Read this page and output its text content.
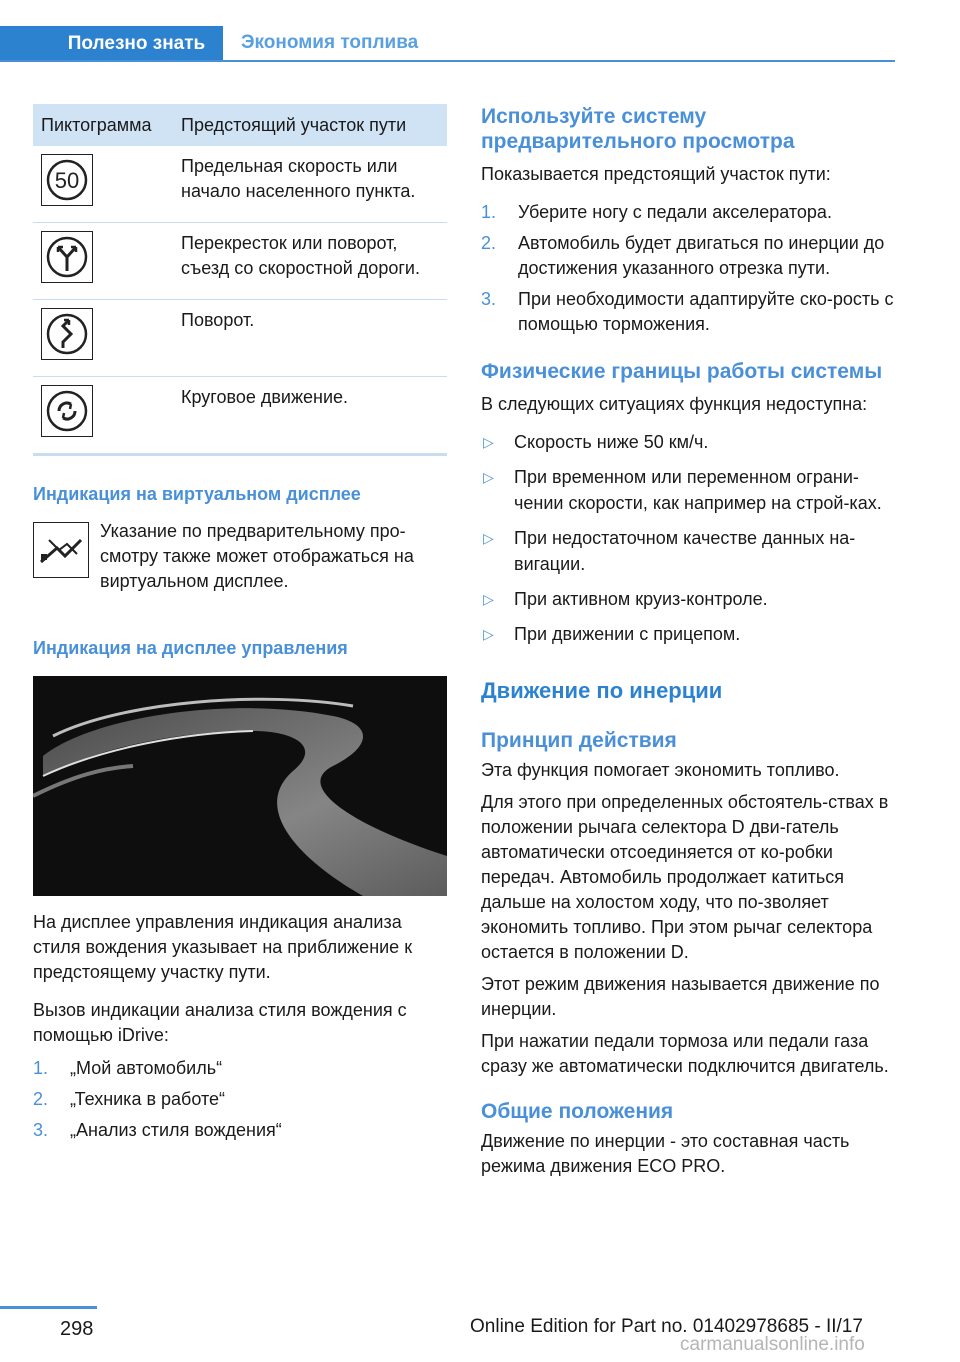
Полезно знать Экономия топлива
Пиктограмма	Предстоящий участок пути

50	Предельная скорость или начало населенного пункта.

	Перекресток или поворот, съезд со скоростной дороги.

	Поворот.

	Круговое движение.

Индикация на виртуальном дисплее

Указание по предварительному про-смотру также может отображаться на виртуальном дисплее.

Индикация на дисплее управления

На дисплее управления индикация анализа стиля вождения указывает на приближение к предстоящему участку пути.

Вызов индикации анализа стиля вождения с помощью iDrive:

1. „Мой автомобиль“
2. „Техника в работе“
3. „Анализ стиля вождения“

Используйте систему предварительного просмотра

Показывается предстоящий участок пути:

1. Уберите ногу с педали акселератора.
2. Автомобиль будет двигаться по инерции до достижения указанного отрезка пути.
3. При необходимости адаптируйте ско-рость с помощью торможения.

Физические границы работы системы

В следующих ситуациях функция недоступна:

▷ Скорость ниже 50 км/ч.
▷ При временном или переменном ограни-чении скорости, как например на строй-ках.
▷ При недостаточном качестве данных на-вигации.
▷ При активном круиз-контроле.
▷ При движении с прицепом.

Движение по инерции

Принцип действия

Эта функция помогает экономить топливо.

Для этого при определенных обстоятель-ствах в положении рычага селектора D дви-гатель автоматически отсоединяется от ко-робки передач. Автомобиль продолжает катиться дальше на холостом ходу, что по-зволяет экономить топливо. При этом рычаг селектора остается в положении D.

Этот режим движения называется движение по инерции.

При нажатии педали тормоза или педали газа сразу же автоматически подключится двигатель.

Общие положения

Движение по инерции - это составная часть режима движения ECO PRO.

298	Online Edition for Part no. 01402978685 - II/17
carmanualsonline.info
